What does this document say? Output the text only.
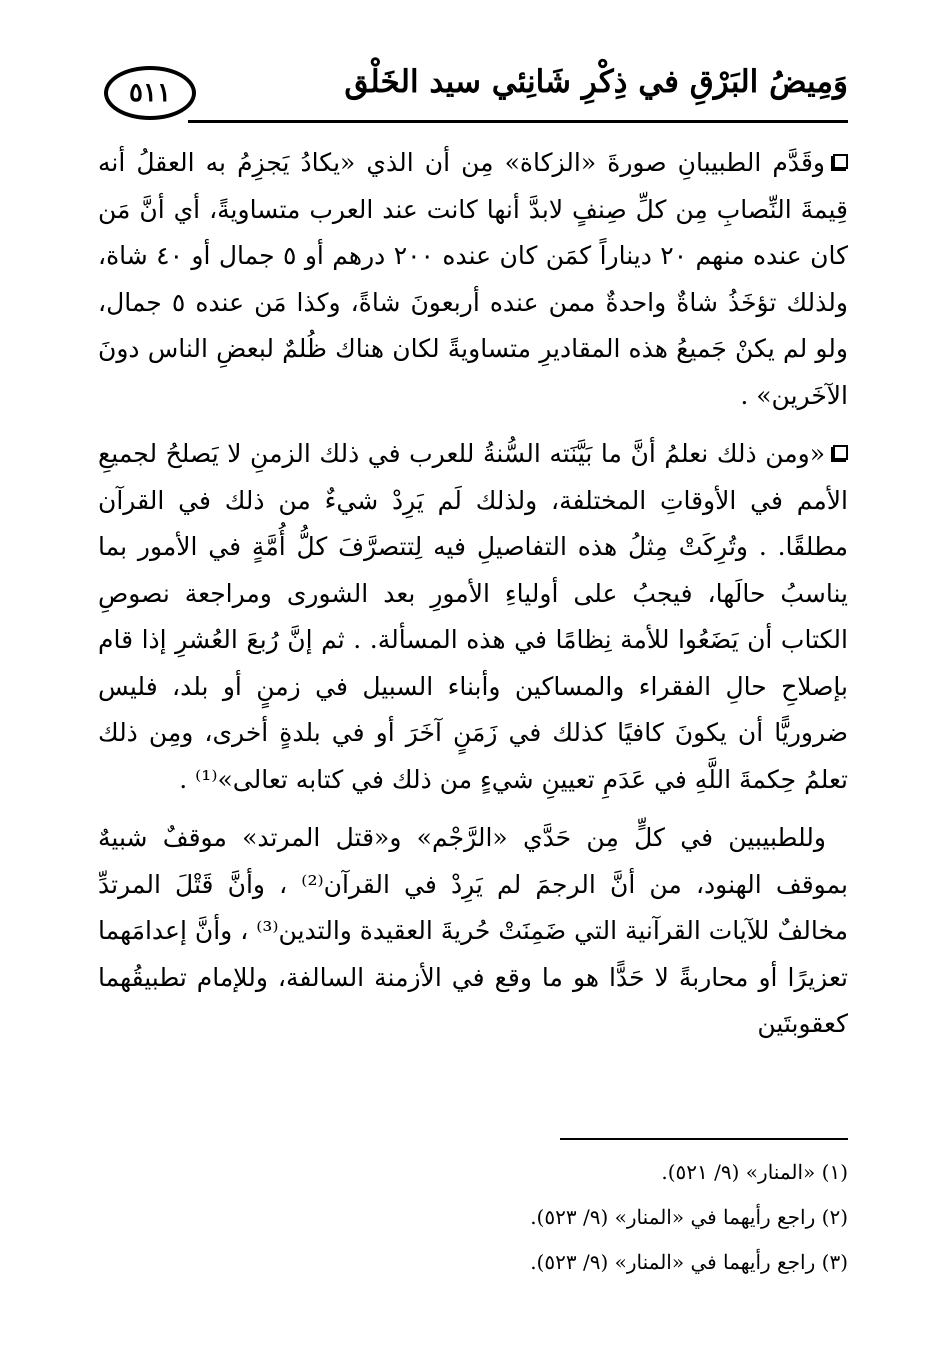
٥١١	وَمِيضُ البَرْقِ في ذِكْرِ شَانِئي سيد الخَلْق

وقَدَّم الطبيبانِ صورةَ «الزكاة» مِن أن الذي «يكادُ يَجزِمُ به العقلُ أنه قِيمةَ النِّصابِ مِن كلِّ صِنفٍ لابدَّ أنها كانت عند العرب متساويةً، أي أنَّ مَن كان عنده منهم ٢٠ ديناراً كمَن كان عنده ٢٠٠ درهم أو ٥ جمال أو ٤٠ شاة، ولذلك تؤخَذُ شاةٌ واحدةٌ ممن عنده أربعونَ شاةً، وكذا مَن عنده ٥ جمال، ولو لم يكنْ جَميعُ هذه المقاديرِ متساويةً لكان هناك ظُلمٌ لبعضِ الناس دونَ الآخَرين» .

«ومن ذلك نعلمُ أنَّ ما بَيَّنَته السُّنةُ للعرب في ذلك الزمنِ لا يَصلحُ لجميعِ الأمم في الأوقاتِ المختلفة، ولذلك لَم يَرِدْ شيءٌ من ذلك في القرآن مطلقًا. . وتُرِكَتْ مِثلُ هذه التفاصيلِ فيه لِتتصرَّفَ كلُّ أُمَّةٍ في الأمور بما يناسبُ حالَها، فيجبُ على أولياءِ الأمورِ بعد الشورى ومراجعة نصوصِ الكتاب أن يَضَعُوا للأمة نِظامًا في هذه المسألة. . ثم إنَّ رُبعَ العُشرِ إذا قام بإصلاحِ حالِ الفقراء والمساكين وأبناء السبيل في زمنٍ أو بلد، فليس ضروريًّا أن يكونَ كافيًا كذلك في زَمَنٍ آخَرَ أو في بلدةٍ أخرى، ومِن ذلك تعلمُ حِكمةَ اللَّهِ في عَدَمِ تعيينِ شيءٍ من ذلك في كتابه تعالى»⁽¹⁾ .

وللطبيبين في كلٍّ مِن حَدَّي «الرَّجْم» و«قتل المرتد» موقفٌ شبيهٌ بموقف الهنود، من أنَّ الرجمَ لم يَرِدْ في القرآن⁽²⁾ ، وأنَّ قَتْلَ المرتدِّ مخالفٌ للآيات القرآنية التي ضَمِنَتْ حُريةَ العقيدة والتدين⁽³⁾ ، وأنَّ إعدامَهما تعزيرًا أو محاربةً لا حَدًّا هو ما وقع في الأزمنة السالفة، وللإمام تطبيقُهما كعقوبتَين

(١) «المنار» (٩/ ٥٢١).

(٢) راجع رأيهما في «المنار» (٩/ ٥٢٣).

(٣) راجع رأيهما في «المنار» (٩/ ٥٢٣).
